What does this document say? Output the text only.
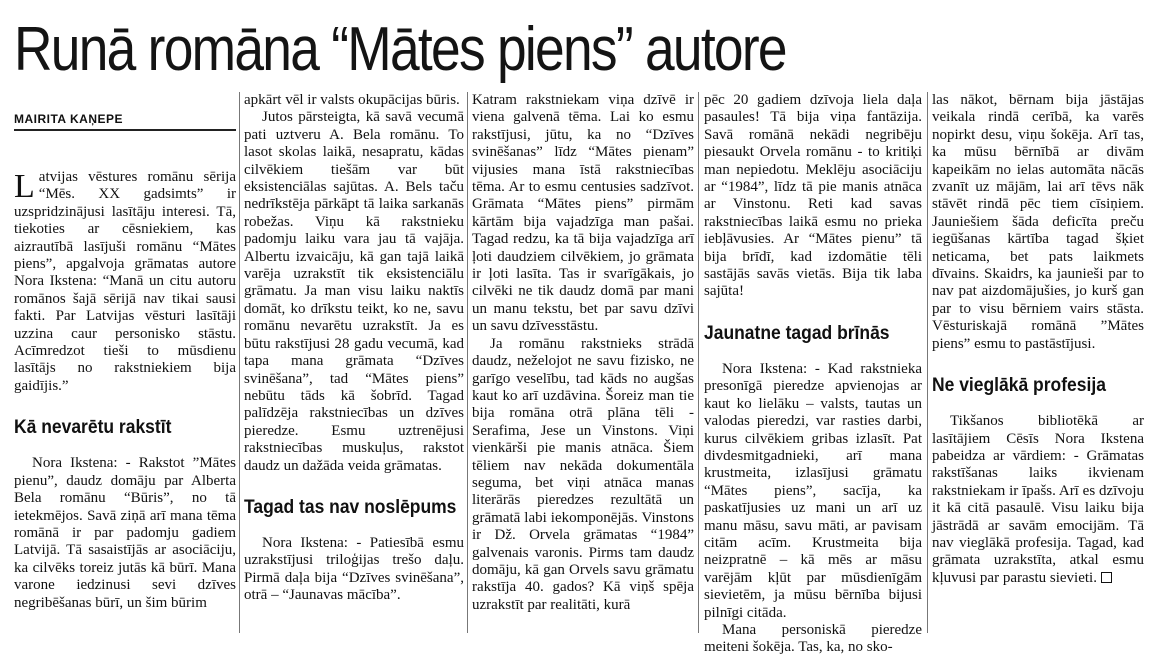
Runā romāna “Mātes piens” autore
MAIRITA KAŅEPE

Latvijas vēstures romānu sērija “Mēs. XX gadsimts” ir uzspridzinājusi lasītāju interesi. Tā, tiekoties ar cēsniekiem, kas aizrautībā lasījuši romānu “Mātes piens”, apgalvoja grāmatas autore Nora Ikstena: “Manā un citu autoru romānos šajā sērijā nav tikai sausi fakti. Par Latvijas vēsturi lasītāji uzzina caur personisko stāstu. Acīmredzot tieši to mūsdienu lasītājs no rakstniekiem bija gaidījis.”

Kā nevarētu rakstīt

Nora Ikstena: - Rakstot ”Mātes pienu”, daudz domāju par Alberta Bela romānu “Būris”, no tā ietekmējos. Savā ziņā arī mana tēma romānā ir par padomju gadiem Latvijā. Tā sasaistījās ar asociāciju, ka cilvēks toreiz jutās kā būrī. Mana varone iedzinusi sevi dzīves negribēšanas būrī, un šim būrim

apkārt vēl ir valsts okupācijas būris.

Jutos pārsteigta, kā savā vecumā pati uztveru A. Bela romānu. To lasot skolas laikā, nesapratu, kādas cilvēkiem tiešām var būt eksistenciālas sajūtas. A. Bels taču nedrīkstēja pārkāpt tā laika sarkanās robežas. Viņu kā rakstnieku padomju laiku vara jau tā vajāja. Albertu izvaicāju, kā gan tajā laikā varēja uzrakstīt tik eksistenciālu grāmatu. Ja man visu laiku naktīs domāt, ko drīkstu teikt, ko ne, savu romānu nevarētu uzrakstīt. Ja es būtu rakstījusi 28 gadu vecumā, kad tapa mana grāmata “Dzīves svinēšana”, tad “Mātes piens” nebūtu tāds kā šobrīd. Tagad palīdzēja rakstniecības un dzīves pieredze. Esmu uztrenējusi rakstniecības muskuļus, rakstot daudz un dažāda veida grāmatas.

Tagad tas nav noslēpums

Nora Ikstena: - Patiesībā esmu uzrakstījusi triloģijas trešo daļu. Pirmā daļa bija “Dzīves svinēšana”, otrā – “Jaunavas mācība”.

Katram rakstniekam viņa dzīvē ir viena galvenā tēma. Lai ko esmu rakstījusi, jūtu, ka no “Dzīves svinēšanas” līdz “Mātes pienam” vijusies mana īstā rakstniecības tēma. Ar to esmu centusies sadzīvot. Grāmata “Mātes piens” pirmām kārtām bija vajadzīga man pašai. Tagad redzu, ka tā bija vajadzīga arī ļoti daudziem cilvēkiem, jo grāmata ir ļoti lasīta. Tas ir svarīgākais, jo cilvēki ne tik daudz domā par mani un manu tekstu, bet par savu dzīvi un savu dzīvesstāstu.

Ja romānu rakstnieks strādā daudz, neželojot ne savu fizisko, ne garīgo veselību, tad kāds no augšas kaut ko arī uzdāvina. Šoreiz man tie bija romāna otrā plāna tēli - Serafima, Jese un Vinstons. Viņi vienkārši pie manis atnāca. Šiem tēliem nav nekāda dokumentāla seguma, bet viņi atnāca manas literārās pieredzes rezultātā un grāmatā labi iekomponējās. Vinstons ir Dž. Orvela grāmatas “1984” galvenais varonis. Pirms tam daudz domāju, kā gan Orvels savu grāmatu rakstīja 40. gados? Kā viņš spēja uzrakstīt par realitāti, kurā

pēc 20 gadiem dzīvoja liela daļa pasaules! Tā bija viņa fantāzija. Savā romānā nekādi negribēju piesaukt Orvela romānu - to kritiķi man nepiedotu. Meklēju asociāciju ar “1984”, līdz tā pie manis atnāca ar Vinstonu. Reti kad savas rakstniecības laikā esmu no prieka iebļāvusies. Ar “Mātes pienu” tā bija brīdī, kad izdomātie tēli sastājās savās vietās. Bija tik laba sajūta!

Jaunatne tagad brīnās

Nora Ikstena: - Kad rakstnieka presonīgā pieredze apvienojas ar kaut ko lielāku – valsts, tautas un valodas pieredzi, var rasties darbi, kurus cilvēkiem gribas izlasīt. Pat divdesmitgadnieki, arī mana krustmeita, izlasījusi grāmatu “Mātes piens”, sacīja, ka paskatījusies uz mani un arī uz manu māsu, savu māti, ar pavisam citām acīm. Krustmeita bija neizpratnē – kā mēs ar māsu varējām kļūt par mūsdienīgām sievietēm, ja mūsu bērnība bijusi pilnīgi citāda.

Mana personiskā pieredze meiteni šokēja. Tas, ka, no sko-

las nākot, bērnam bija jāstājas veikala rindā cerībā, ka varēs nopirkt desu, viņu šokēja. Arī tas, ka mūsu bērnībā ar divām kapeikām no ielas automāta nācās zvanīt uz mājām, lai arī tēvs nāk stāvēt rindā pēc tiem cīsiņiem. Jauniešiem šāda deficīta preču iegūšanas kārtība tagad šķiet neticama, bet pats laikmets dīvains. Skaidrs, ka jaunieši par to nav pat aizdomājušies, jo kurš gan par to visu bērniem vairs stāsta. Vēsturiskajā romānā ”Mātes piens” esmu to pastāstījusi.

Ne vieglākā profesija

Tikšanos bibliotēkā ar lasītājiem Cēsīs Nora Ikstena pabeidza ar vārdiem: - Grāmatas rakstīšanas laiks ikvienam rakstniekam ir īpašs. Arī es dzīvoju it kā citā pasaulē. Visu laiku bija jāstrādā ar savām emocijām. Tā nav vieglākā profesija. Tagad, kad grāmata uzrakstīta, atkal esmu kļuvusi par parastu sievieti.
